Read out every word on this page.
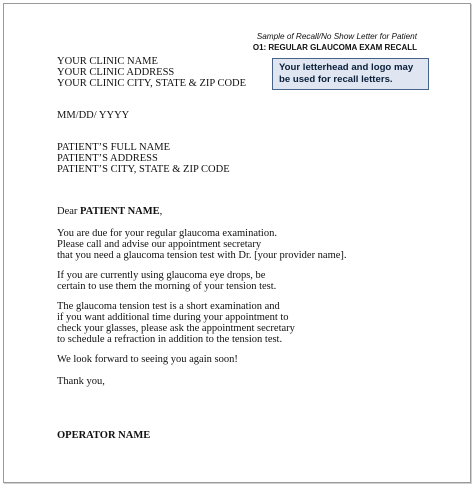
Sample of Recall/No Show Letter for Patient
O1: REGULAR GLAUCOMA EXAM RECALL
Your letterhead and logo may be used for recall letters.
YOUR CLINIC NAME
YOUR CLINIC ADDRESS
YOUR CLINIC CITY, STATE & ZIP CODE
MM/DD/ YYYY
PATIENT’S FULL NAME
PATIENT’S ADDRESS
PATIENT’S CITY, STATE & ZIP CODE
Dear PATIENT NAME,
You are due for your regular glaucoma examination.
Please call and advise our appointment secretary
that you need a glaucoma tension test with Dr. [your provider name].
If you are currently using glaucoma eye drops, be
certain to use them the morning of your tension test.
The glaucoma tension test is a short examination and
if you want additional time during your appointment to
check your glasses, please ask the appointment secretary
to schedule a refraction in addition to the tension test.
We look forward to seeing you again soon!
Thank you,
OPERATOR NAME
